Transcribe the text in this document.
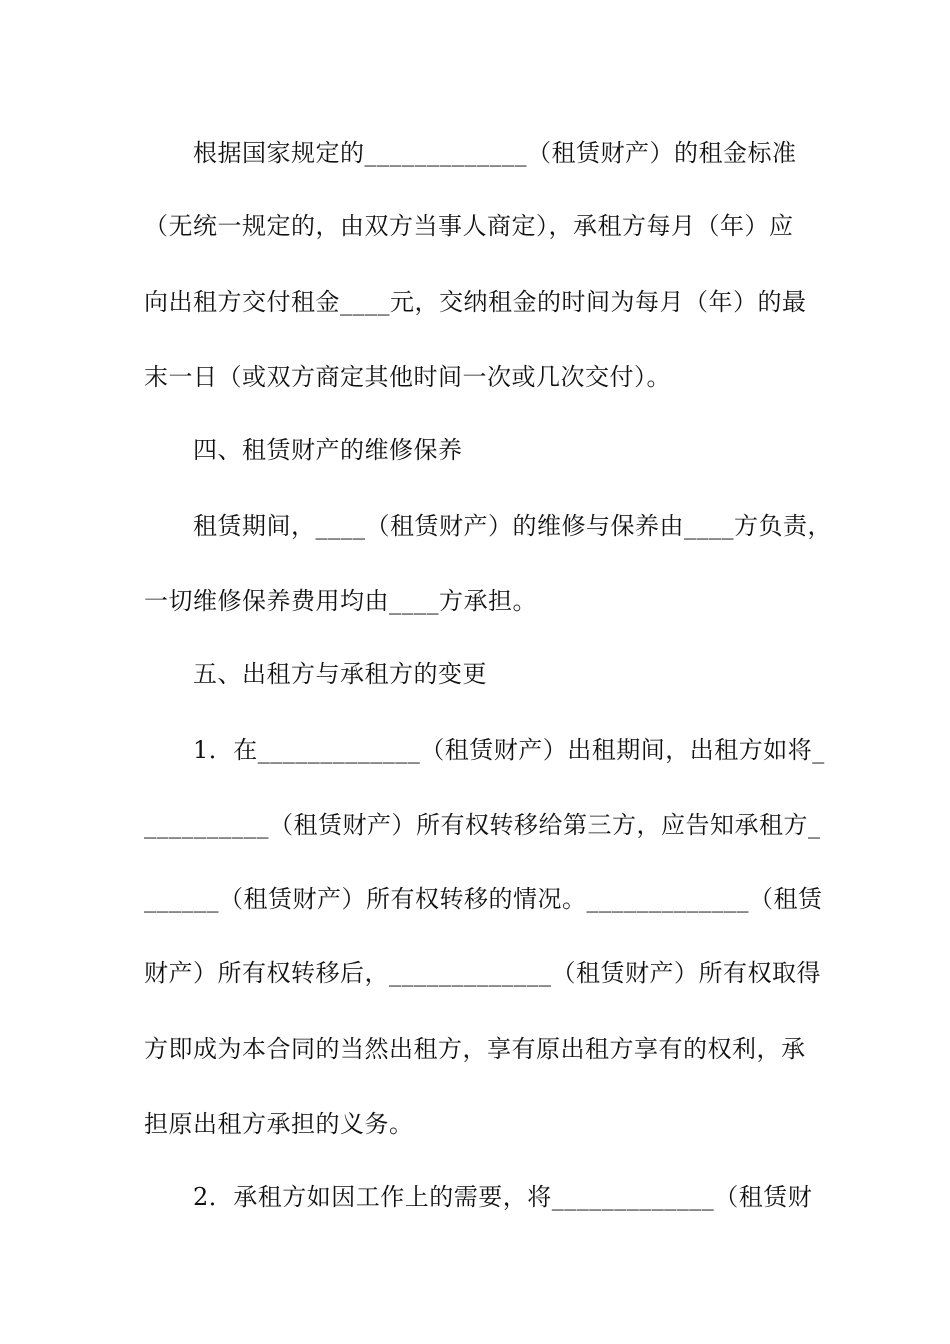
根据国家规定的_____________（租赁财产）的租金标准

（无统一规定的，由双方当事人商定），承租方每月（年）应

向出租方交付租金____元，交纳租金的时间为每月（年）的最

末一日（或双方商定其他时间一次或几次交付）。

四、租赁财产的维修保养

租赁期间，____（租赁财产）的维修与保养由____方负责，

一切维修保养费用均由____方承担。

五、出租方与承租方的变更

1．在_____________（租赁财产）出租期间，出租方如将_

__________（租赁财产）所有权转移给第三方，应告知承租方_

______（租赁财产）所有权转移的情况。_____________（租赁

财产）所有权转移后，_____________（租赁财产）所有权取得

方即成为本合同的当然出租方，享有原出租方享有的权利，承

担原出租方承担的义务。

2．承租方如因工作上的需要，将_____________（租赁财
